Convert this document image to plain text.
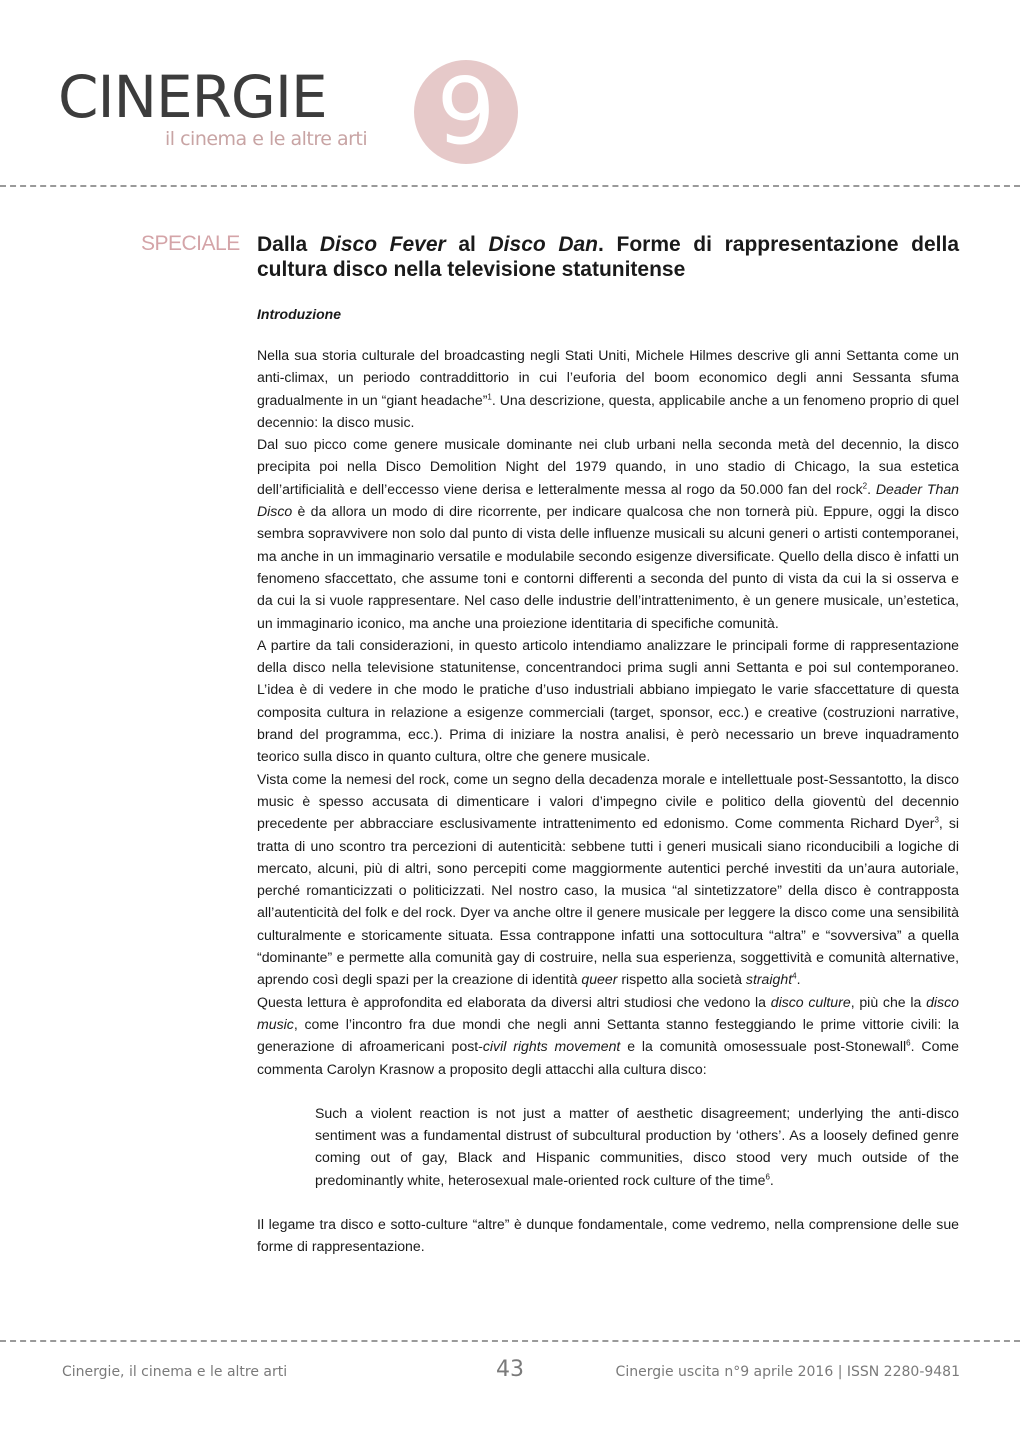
9
CINERGIE
il cinema e le altre arti
SPECIALE Dalla Disco Fever al Disco Dan. Forme di rappresentazione della cultura disco nella televisione statunitense
Introduzione

Nella sua storia culturale del broadcasting negli Stati Uniti, Michele Hilmes descrive gli anni Settanta come un anti-climax, un periodo contraddittorio in cui l’euforia del boom economico degli anni Sessanta sfuma gradualmente in un “giant headache”$^1$. Una descrizione, questa, applicabile anche a un fenomeno proprio di quel decennio: la disco music.

Dal suo picco come genere musicale dominante nei club urbani nella seconda metà del decennio, la disco precipita poi nella Disco Demolition Night del 1979 quando, in uno stadio di Chicago, la sua estetica dell’artificialità e dell’eccesso viene derisa e letteralmente messa al rogo da 50.000 fan del rock$^2$. Deader Than Disco è da allora un modo di dire ricorrente, per indicare qualcosa che non tornerà più. Eppure, oggi la disco sembra sopravvivere non solo dal punto di vista delle influenze musicali su alcuni generi o artisti contemporanei, ma anche in un immaginario versatile e modulabile secondo esigenze diversificate. Quello della disco è infatti un fenomeno sfaccettato, che assume toni e contorni differenti a seconda del punto di vista da cui la si osserva e da cui la si vuole rappresentare. Nel caso delle industrie dell’intrattenimento, è un genere musicale, un’estetica, un immaginario iconico, ma anche una proiezione identitaria di specifiche comunità.

A partire da tali considerazioni, in questo articolo intendiamo analizzare le principali forme di rappresentazione della disco nella televisione statunitense, concentrandoci prima sugli anni Settanta e poi sul contemporaneo. L’idea è di vedere in che modo le pratiche d’uso industriali abbiano impiegato le varie sfaccettature di questa composita cultura in relazione a esigenze commerciali (target, sponsor, ecc.) e creative (costruzioni narrative, brand del programma, ecc.). Prima di iniziare la nostra analisi, è però necessario un breve inquadramento teorico sulla disco in quanto cultura, oltre che genere musicale.

Vista come la nemesi del rock, come un segno della decadenza morale e intellettuale post-Sessantotto, la disco music è spesso accusata di dimenticare i valori d’impegno civile e politico della gioventù del decennio precedente per abbracciare esclusivamente intrattenimento ed edonismo. Come commenta Richard Dyer$^3$, si tratta di uno scontro tra percezioni di autenticità: sebbene tutti i generi musicali siano riconducibili a logiche di mercato, alcuni, più di altri, sono percepiti come maggiormente autentici perché investiti da un’aura autoriale, perché romanticizzati o politicizzati. Nel nostro caso, la musica “al sintetizzatore” della disco è contrapposta all’autenticità del folk e del rock. Dyer va anche oltre il genere musicale per leggere la disco come una sensibilità culturalmente e storicamente situata. Essa contrappone infatti una sottocultura “altra” e “sovversiva” a quella “dominante” e permette alla comunità gay di costruire, nella sua esperienza, soggettività e comunità alternative, aprendo così degli spazi per la creazione di identità queer rispetto alla società straight$^4$.

Questa lettura è approfondita ed elaborata da diversi altri studiosi che vedono la disco culture, più che la disco music, come l’incontro fra due mondi che negli anni Settanta stanno festeggiando le prime vittorie civili: la generazione di afroamericani post-civil rights movement e la comunità omosessuale post-Stonewall$^6$. Come commenta Carolyn Krasnow a proposito degli attacchi alla cultura disco:

Such a violent reaction is not just a matter of aesthetic disagreement; underlying the anti-disco sentiment was a fundamental distrust of subcultural production by ‘others’. As a loosely defined genre coming out of gay, Black and Hispanic communities, disco stood very much outside of the predominantly white, heterosexual male-oriented rock culture of the time$^6$.

Il legame tra disco e sotto-culture “altre” è dunque fondamentale, come vedremo, nella comprensione delle sue forme di rappresentazione.

Cinergie, il cinema e le altre arti	43	Cinergie uscita n°9 aprile 2016 | ISSN 2280-9481
